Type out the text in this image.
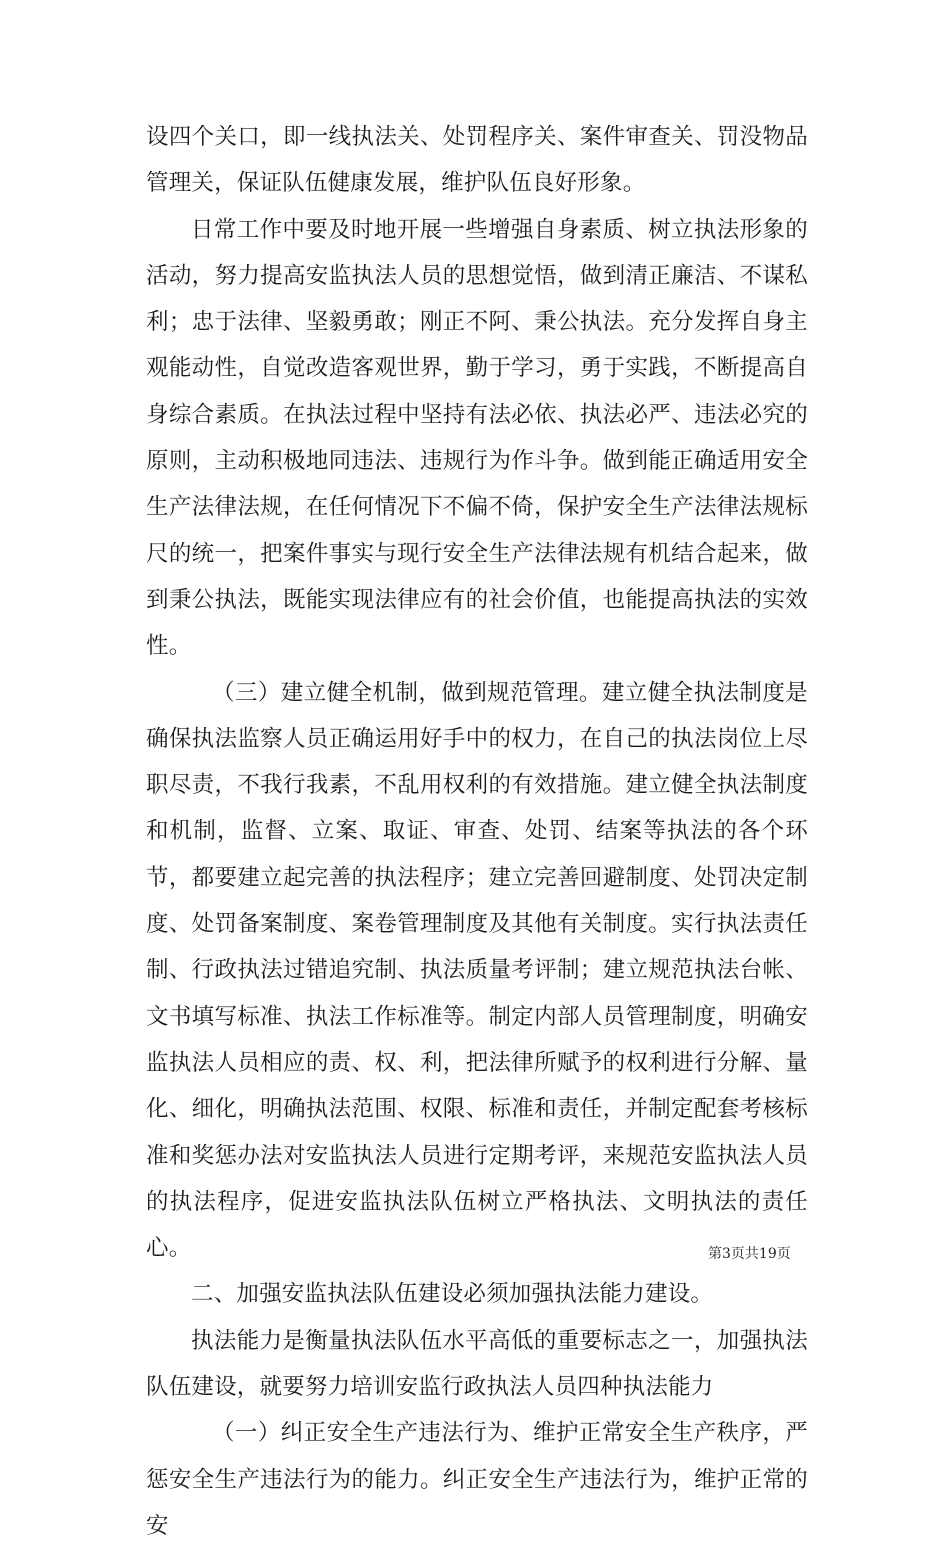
设四个关口，即一线执法关、处罚程序关、案件审查关、罚没物品管理关，保证队伍健康发展，维护队伍良好形象。

日常工作中要及时地开展一些增强自身素质、树立执法形象的活动，努力提高安监执法人员的思想觉悟，做到清正廉洁、不谋私利；忠于法律、坚毅勇敢；刚正不阿、秉公执法。充分发挥自身主观能动性，自觉改造客观世界，勤于学习，勇于实践，不断提高自身综合素质。在执法过程中坚持有法必依、执法必严、违法必究的原则，主动积极地同违法、违规行为作斗争。做到能正确适用安全生产法律法规，在任何情况下不偏不倚，保护安全生产法律法规标尺的统一，把案件事实与现行安全生产法律法规有机结合起来，做到秉公执法，既能实现法律应有的社会价值，也能提高执法的实效性。

（三）建立健全机制，做到规范管理。建立健全执法制度是确保执法监察人员正确运用好手中的权力，在自己的执法岗位上尽职尽责，不我行我素，不乱用权利的有效措施。建立健全执法制度和机制，监督、立案、取证、审查、处罚、结案等执法的各个环节，都要建立起完善的执法程序；建立完善回避制度、处罚决定制度、处罚备案制度、案卷管理制度及其他有关制度。实行执法责任制、行政执法过错追究制、执法质量考评制；建立规范执法台帐、文书填写标准、执法工作标准等。制定内部人员管理制度，明确安监执法人员相应的责、权、利，把法律所赋予的权利进行分解、量化、细化，明确执法范围、权限、标准和责任，并制定配套考核标准和奖惩办法对安监执法人员进行定期考评，来规范安监执法人员的执法程序，促进安监执法队伍树立严格执法、文明执法的责任心。

二、加强安监执法队伍建设必须加强执法能力建设。

执法能力是衡量执法队伍水平高低的重要标志之一，加强执法队伍建设，就要努力培训安监行政执法人员四种执法能力

（一）纠正安全生产违法行为、维护正常安全生产秩序，严惩安全生产违法行为的能力。纠正安全生产违法行为，维护正常的安

第3页共19页
